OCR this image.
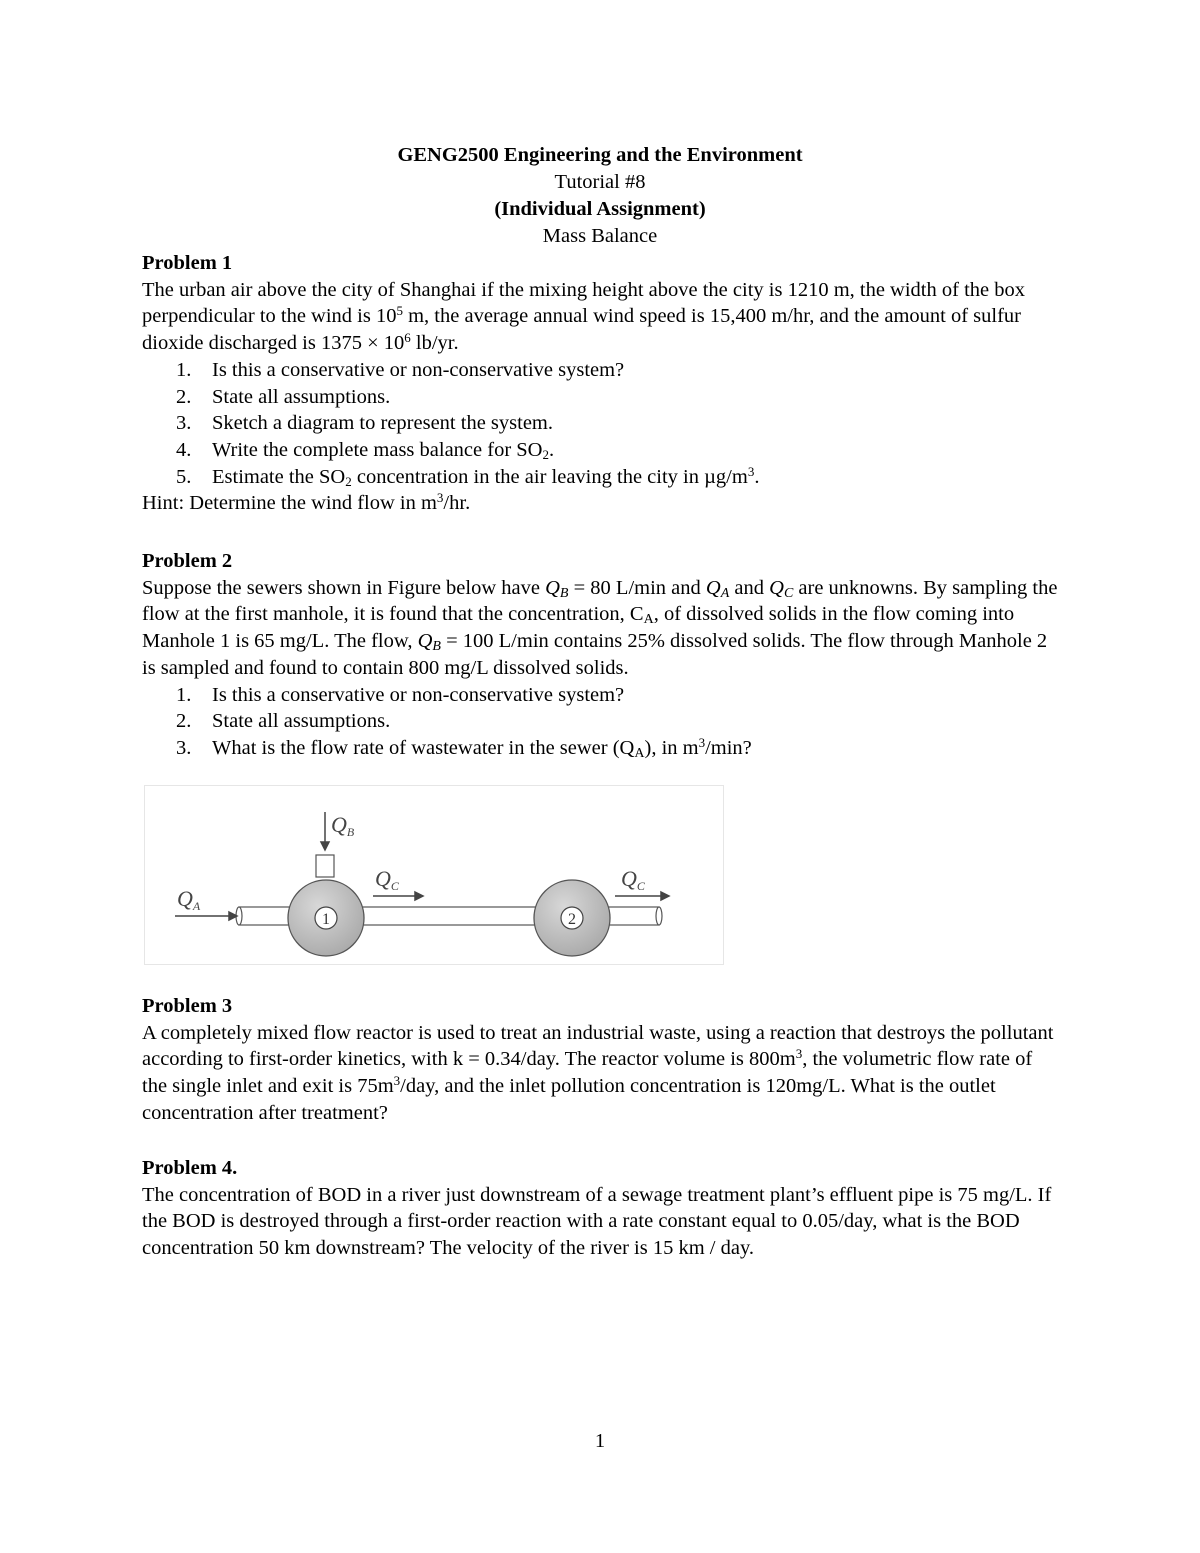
GENG2500 Engineering and the Environment
Tutorial #8
(Individual Assignment)
Mass Balance

Problem 1

The urban air above the city of Shanghai if the mixing height above the city is 1210 m, the width of the box perpendicular to the wind is $10^5$ m, the average annual wind speed is 15,400 m/hr, and the amount of sulfur dioxide discharged is $1375 \times 10^6$ lb/yr.

1.	Is this a conservative or non-conservative system?
2.	State all assumptions.
3.	Sketch a diagram to represent the system.
4.	Write the complete mass balance for $SO_2$.
5.	Estimate the $SO_2$ concentration in the air leaving the city in $\mu g/m^3$.

Hint: Determine the wind flow in $m^3/hr$.

Problem 2

Suppose the sewers shown in Figure below have $Q_B = 80$ L/min and $Q_A$ and $Q_C$ are unknowns. By sampling the flow at the first manhole, it is found that the concentration, $C_A$, of dissolved solids in the flow coming into Manhole 1 is 65 mg/L. The flow, $Q_B = 100$ L/min contains 25% dissolved solids. The flow through Manhole 2 is sampled and found to contain 800 mg/L dissolved solids.

1.	Is this a conservative or non-conservative system?
2.	State all assumptions.
3.	What is the flow rate of wastewater in the sewer $(Q_A)$, in $m^3/\min$?
1	2
QA
QB
QC	QC

Problem 3

A completely mixed flow reactor is used to treat an industrial waste, using a reaction that destroys the pollutant according to first-order kinetics, with k = 0.34/day. The reactor volume is $800m^3$, the volumetric flow rate of the single inlet and exit is $75m^3$/day, and the inlet pollution concentration is 120mg/L. What is the outlet concentration after treatment?

Problem 4.

The concentration of BOD in a river just downstream of a sewage treatment plant’s effluent pipe is 75 mg/L. If the BOD is destroyed through a first-order reaction with a rate constant equal to 0.05/day, what is the BOD concentration 50 km downstream? The velocity of the river is 15 km / day.

1
